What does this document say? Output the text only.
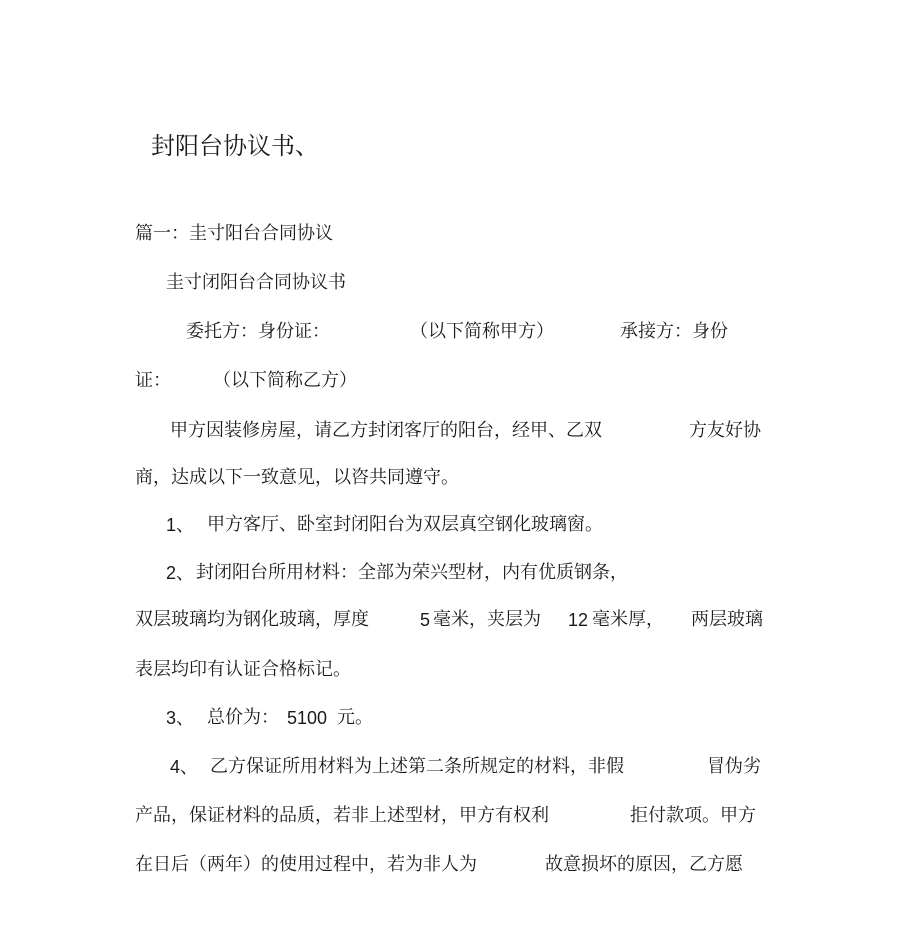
封阳台协议书、
篇一：圭寸阳台合同协议
圭寸闭阳台合同协议书
委托方：身份证：	（以下简称甲方）	承接方：身份
证： （以下简称乙方）
甲方因装修房屋，请乙方封闭客厅的阳台，经甲、乙双	方友好协
商，达成以下一致意见，以咨共同遵守。
1、 甲方客厅、卧室封闭阳台为双层真空钢化玻璃窗。
2、 封闭阳台所用材料：全部为荣兴型材，内有优质钢条，
双层玻璃均为钢化玻璃，厚度	5 毫米，夹层为 12 毫米厚， 两层玻璃
表层均印有认证合格标记。
3、 总价为： 5100 元。
4、 乙方保证所用材料为上述第二条所规定的材料，非假	冒伪劣
产品，保证材料的品质，若非上述型材，甲方有权利	拒付款项。甲方
在日后（两年）的使用过程中，若为非人为	故意损坏的原因，乙方愿
